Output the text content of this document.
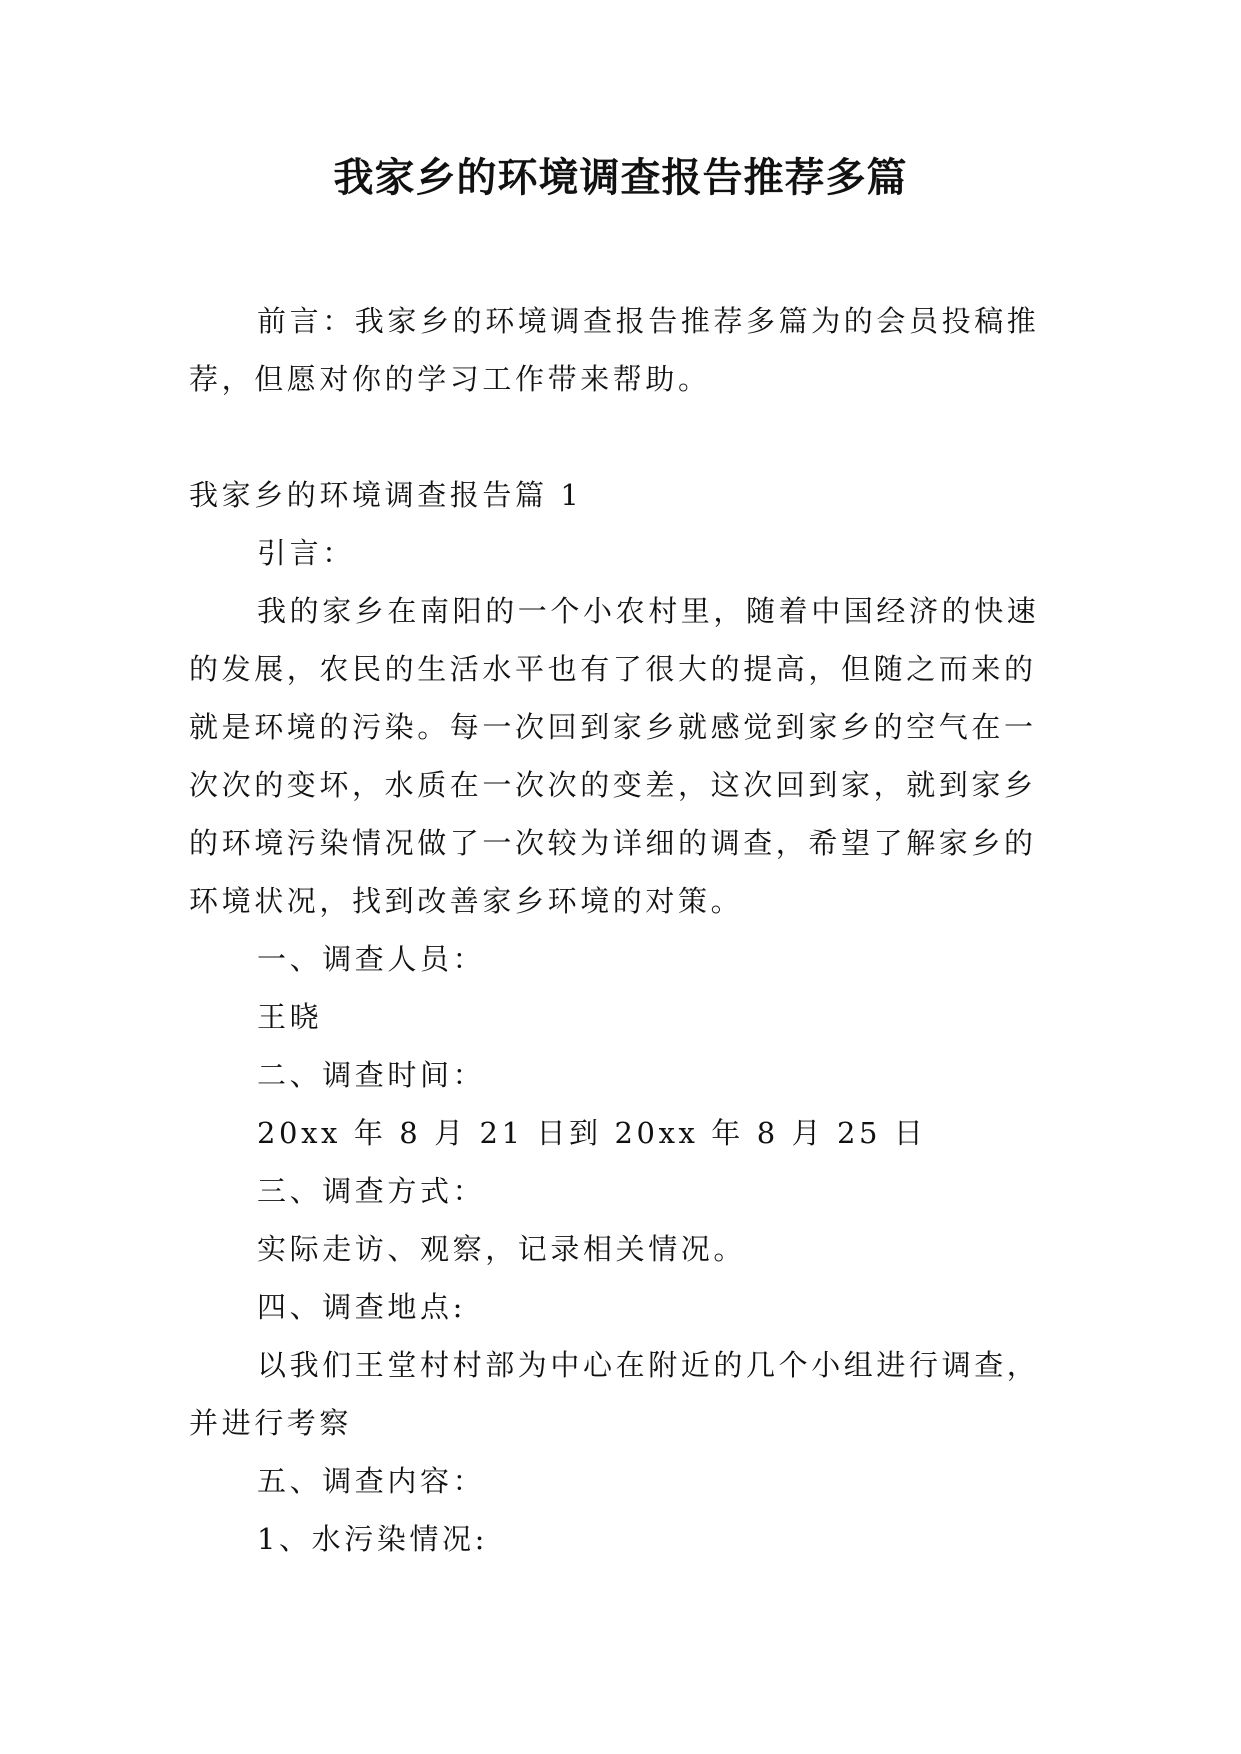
我家乡的环境调查报告推荐多篇

前言：我家乡的环境调查报告推荐多篇为的会员投稿推荐，但愿对你的学习工作带来帮助。

我家乡的环境调查报告篇 1

引言：

我的家乡在南阳的一个小农村里，随着中国经济的快速的发展，农民的生活水平也有了很大的提高，但随之而来的就是环境的污染。每一次回到家乡就感觉到家乡的空气在一次次的变坏，水质在一次次的变差，这次回到家，就到家乡的环境污染情况做了一次较为详细的调查，希望了解家乡的环境状况，找到改善家乡环境的对策。

一、调查人员：

王晓

二、调查时间：

20xx 年 8 月 21 日到 20xx 年 8 月 25 日

三、调查方式：

实际走访、观察，记录相关情况。

四、调查地点:

以我们王堂村村部为中心在附近的几个小组进行调查，并进行考察

五、调查内容：

1、水污染情况:
